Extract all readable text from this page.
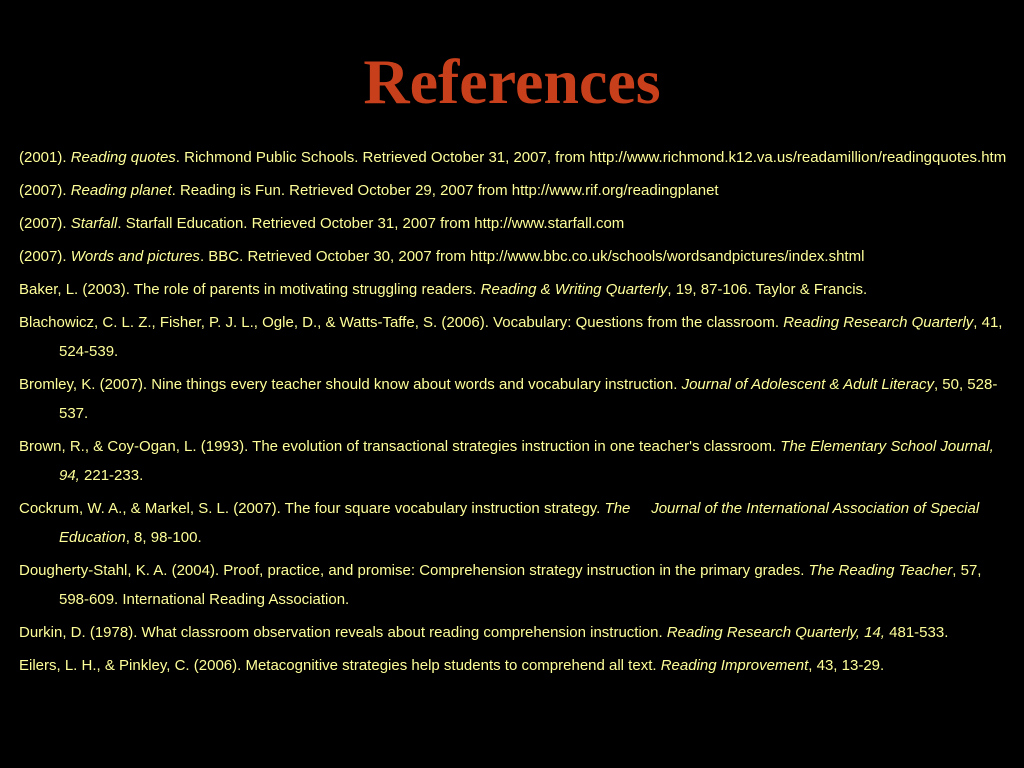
References
(2001). Reading quotes. Richmond Public Schools. Retrieved October 31, 2007, from http://www.richmond.k12.va.us/readamillion/readingquotes.htm
(2007). Reading planet. Reading is Fun. Retrieved October 29, 2007 from http://www.rif.org/readingplanet
(2007). Starfall. Starfall Education. Retrieved October 31, 2007 from http://www.starfall.com
(2007). Words and pictures. BBC. Retrieved October 30, 2007 from http://www.bbc.co.uk/schools/wordsandpictures/index.shtml
Baker, L. (2003). The role of parents in motivating struggling readers. Reading & Writing Quarterly, 19, 87-106. Taylor & Francis.
Blachowicz, C. L. Z., Fisher, P. J. L., Ogle, D., & Watts-Taffe, S. (2006). Vocabulary: Questions from the classroom. Reading Research Quarterly, 41, 524-539.
Bromley, K. (2007). Nine things every teacher should know about words and vocabulary instruction. Journal of Adolescent & Adult Literacy, 50, 528-537.
Brown, R., & Coy-Ogan, L. (1993). The evolution of transactional strategies instruction in one teacher's classroom. The Elementary School Journal, 94, 221-233.
Cockrum, W. A., & Markel, S. L. (2007). The four square vocabulary instruction strategy. The     Journal of the International Association of Special Education, 8, 98-100.
Dougherty-Stahl, K. A. (2004). Proof, practice, and promise: Comprehension strategy instruction in the primary grades. The Reading Teacher, 57, 598-609. International Reading Association.
Durkin, D. (1978). What classroom observation reveals about reading comprehension instruction. Reading Research Quarterly, 14, 481-533.
Eilers, L. H., & Pinkley, C. (2006). Metacognitive strategies help students to comprehend all text. Reading Improvement, 43, 13-29.
